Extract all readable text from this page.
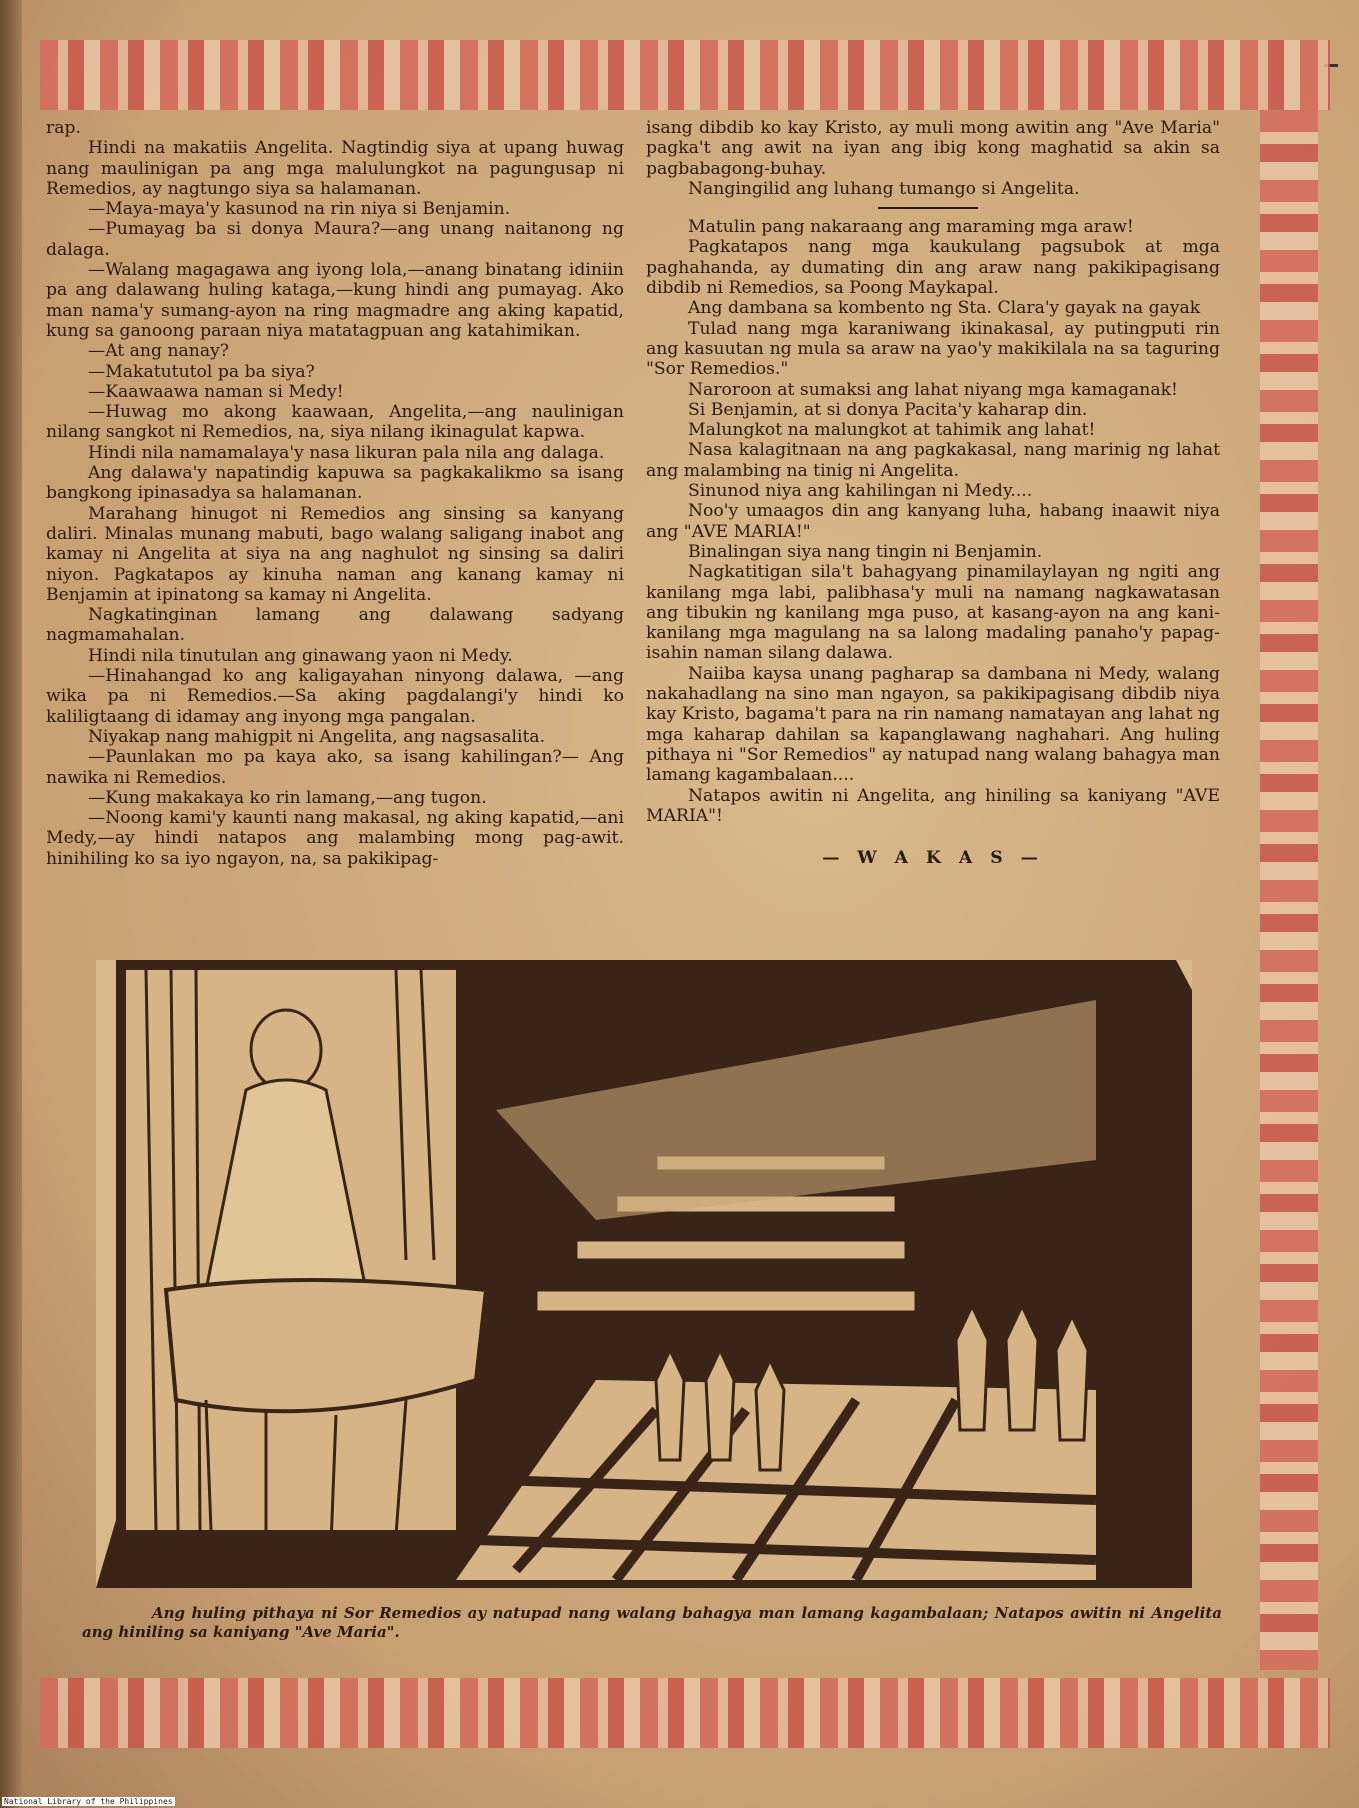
rap.

Hindi na makatiis Angelita. Nagtindig siya at upang huwag nang maulinigan pa ang mga malulungkot na pagungusap ni Remedios, ay nagtungo siya sa halamanan.

—Maya-maya'y kasunod na rin niya si Benjamin.

—Pumayag ba si donya Maura?—ang unang naitanong ng dalaga.

—Walang magagawa ang iyong lola,—anang binatang idiniin pa ang dalawang huling kataga,—kung hindi ang pumayag. Ako man nama'y sumang-ayon na ring magmadre ang aking kapatid, kung sa ganoong paraan niya matatagpuan ang katahimikan.

—At ang nanay?

—Makatututol pa ba siya?

—Kaawaawa naman si Medy!

—Huwag mo akong kaawaan, Angelita,—ang naulinigan nilang sangkot ni Remedios, na, siya nilang ikinagulat kapwa.

Hindi nila namamalaya'y nasa likuran pala nila ang dalaga.

Ang dalawa'y napatindig kapuwa sa pagkakalikmo sa isang bangkong ipinasadya sa halamanan.

Marahang hinugot ni Remedios ang sinsing sa kanyang daliri. Minalas munang mabuti, bago walang saligang inabot ang kamay ni Angelita at siya na ang naghulot ng sinsing sa daliri niyon. Pagkatapos ay kinuha naman ang kanang kamay ni Benjamin at ipinatong sa kamay ni Angelita.

Nagkatinginan lamang ang dalawang sadyang nagmamahalan.

Hindi nila tinutulan ang ginawang yaon ni Medy.

—Hinahangad ko ang kaligayahan ninyong dalawa, —ang wika pa ni Remedios.—Sa aking pagdalangi'y hindi ko kaliligtaang di idamay ang inyong mga pangalan.

Niyakap nang mahigpit ni Angelita, ang nagsasalita.

—Paunlakan mo pa kaya ako, sa isang kahilingan?— Ang nawika ni Remedios.

—Kung makakaya ko rin lamang,—ang tugon.

—Noong kami'y kaunti nang makasal, ng aking kapatid,—ani Medy,—ay hindi natapos ang malambing mong pag-awit. hinihiling ko sa iyo ngayon, na, sa pakikipag-

isang dibdib ko kay Kristo, ay muli mong awitin ang "Ave Maria" pagka't ang awit na iyan ang ibig kong maghatid sa akin sa pagbabagong-buhay.

Nangingilid ang luhang tumango si Angelita.

Matulin pang nakaraang ang maraming mga araw!

Pagkatapos nang mga kaukulang pagsubok at mga paghahanda, ay dumating din ang araw nang pakikipagisang dibdib ni Remedios, sa Poong Maykapal.

Ang dambana sa kombento ng Sta. Clara'y gayak na gayak

Tulad nang mga karaniwang ikinakasal, ay putingputi rin ang kasuutan ng mula sa araw na yao'y makikilala na sa taguring "Sor Remedios."

Naroroon at sumaksi ang lahat niyang mga kamaganak!

Si Benjamin, at si donya Pacita'y kaharap din.

Malungkot na malungkot at tahimik ang lahat!

Nasa kalagitnaan na ang pagkakasal, nang marinig ng lahat ang malambing na tinig ni Angelita.

Sinunod niya ang kahilingan ni Medy....

Noo'y umaagos din ang kanyang luha, habang inaawit niya ang "AVE MARIA!"

Binalingan siya nang tingin ni Benjamin.

Nagkatitigan sila't bahagyang pinamilaylayan ng ngiti ang kanilang mga labi, palibhasa'y muli na namang nagkawatasan ang tibukin ng kanilang mga puso, at kasang-ayon na ang kani-kanilang mga magulang na sa lalong madaling panaho'y papag-isahin naman silang dalawa.

Naiiba kaysa unang pagharap sa dambana ni Medy, walang nakahadlang na sino man ngayon, sa pakikipagisang dibdib niya kay Kristo, bagama't para na rin namang namatayan ang lahat ng mga kaharap dahilan sa kapanglawang naghahari. Ang huling pithaya ni "Sor Remedios" ay natupad nang walang bahagya man lamang kagambalaan....

Natapos awitin ni Angelita, ang hiniling sa kaniyang "AVE MARIA"!

— W A K A S —
Ang huling pithaya ni Sor Remedios ay natupad nang walang bahagya man lamang kagambalaan; Natapos awitin ni Angelita ang hiniling sa kaniyang "Ave Maria".
National Library of the Philippines
